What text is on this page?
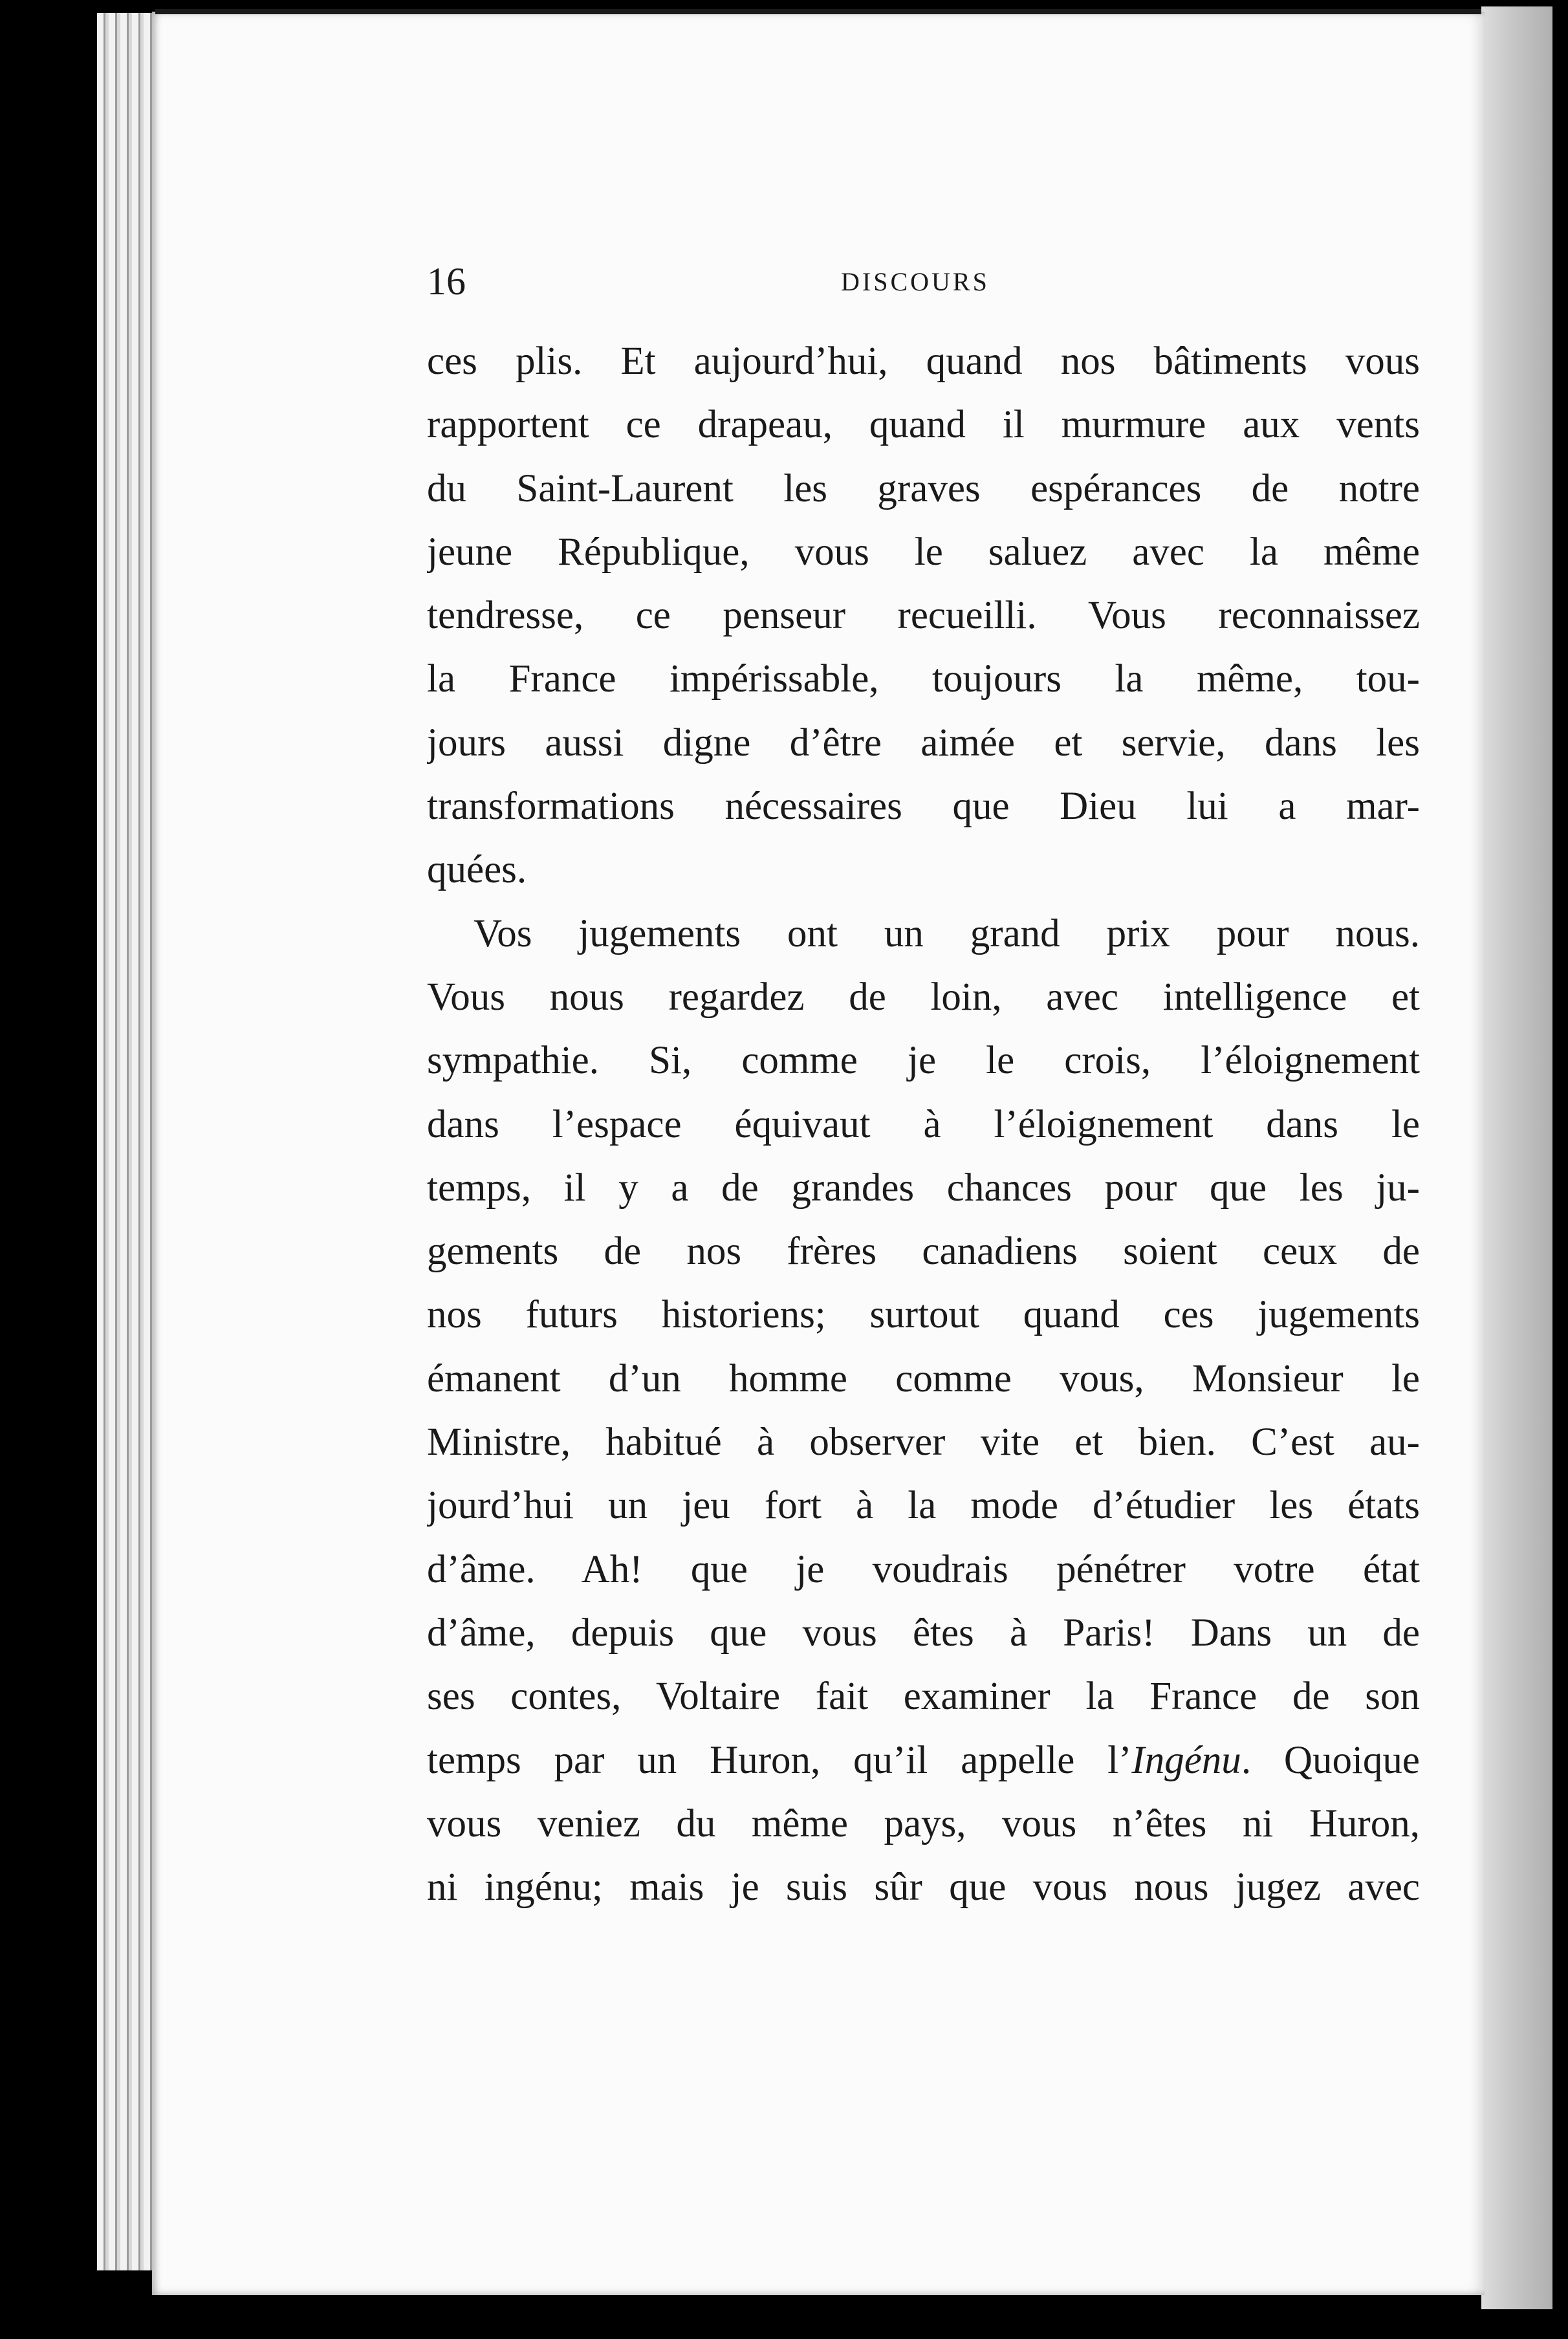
16	DISCOURS
ces plis. Et aujourd’hui, quand nos bâtiments vous
rapportent ce drapeau, quand il murmure aux vents
du Saint-Laurent les graves espérances de notre
jeune République, vous le saluez avec la même
tendresse, ce penseur recueilli. Vous reconnaissez
la France impérissable, toujours la même, tou-
jours aussi digne d’être aimée et servie, dans les
transformations nécessaires que Dieu lui a mar-
quées.
Vos jugements ont un grand prix pour nous.
Vous nous regardez de loin, avec intelligence et
sympathie. Si, comme je le crois, l’éloignement
dans l’espace équivaut à l’éloignement dans le
temps, il y a de grandes chances pour que les ju-
gements de nos frères canadiens soient ceux de
nos futurs historiens; surtout quand ces jugements
émanent d’un homme comme vous, Monsieur le
Ministre, habitué à observer vite et bien. C’est au-
jourd’hui un jeu fort à la mode d’étudier les états
d’âme. Ah! que je voudrais pénétrer votre état
d’âme, depuis que vous êtes à Paris! Dans un de
ses contes, Voltaire fait examiner la France de son
temps par un Huron, qu’il appelle l’Ingénu. Quoique
vous veniez du même pays, vous n’êtes ni Huron,
ni ingénu; mais je suis sûr que vous nous jugez avec
